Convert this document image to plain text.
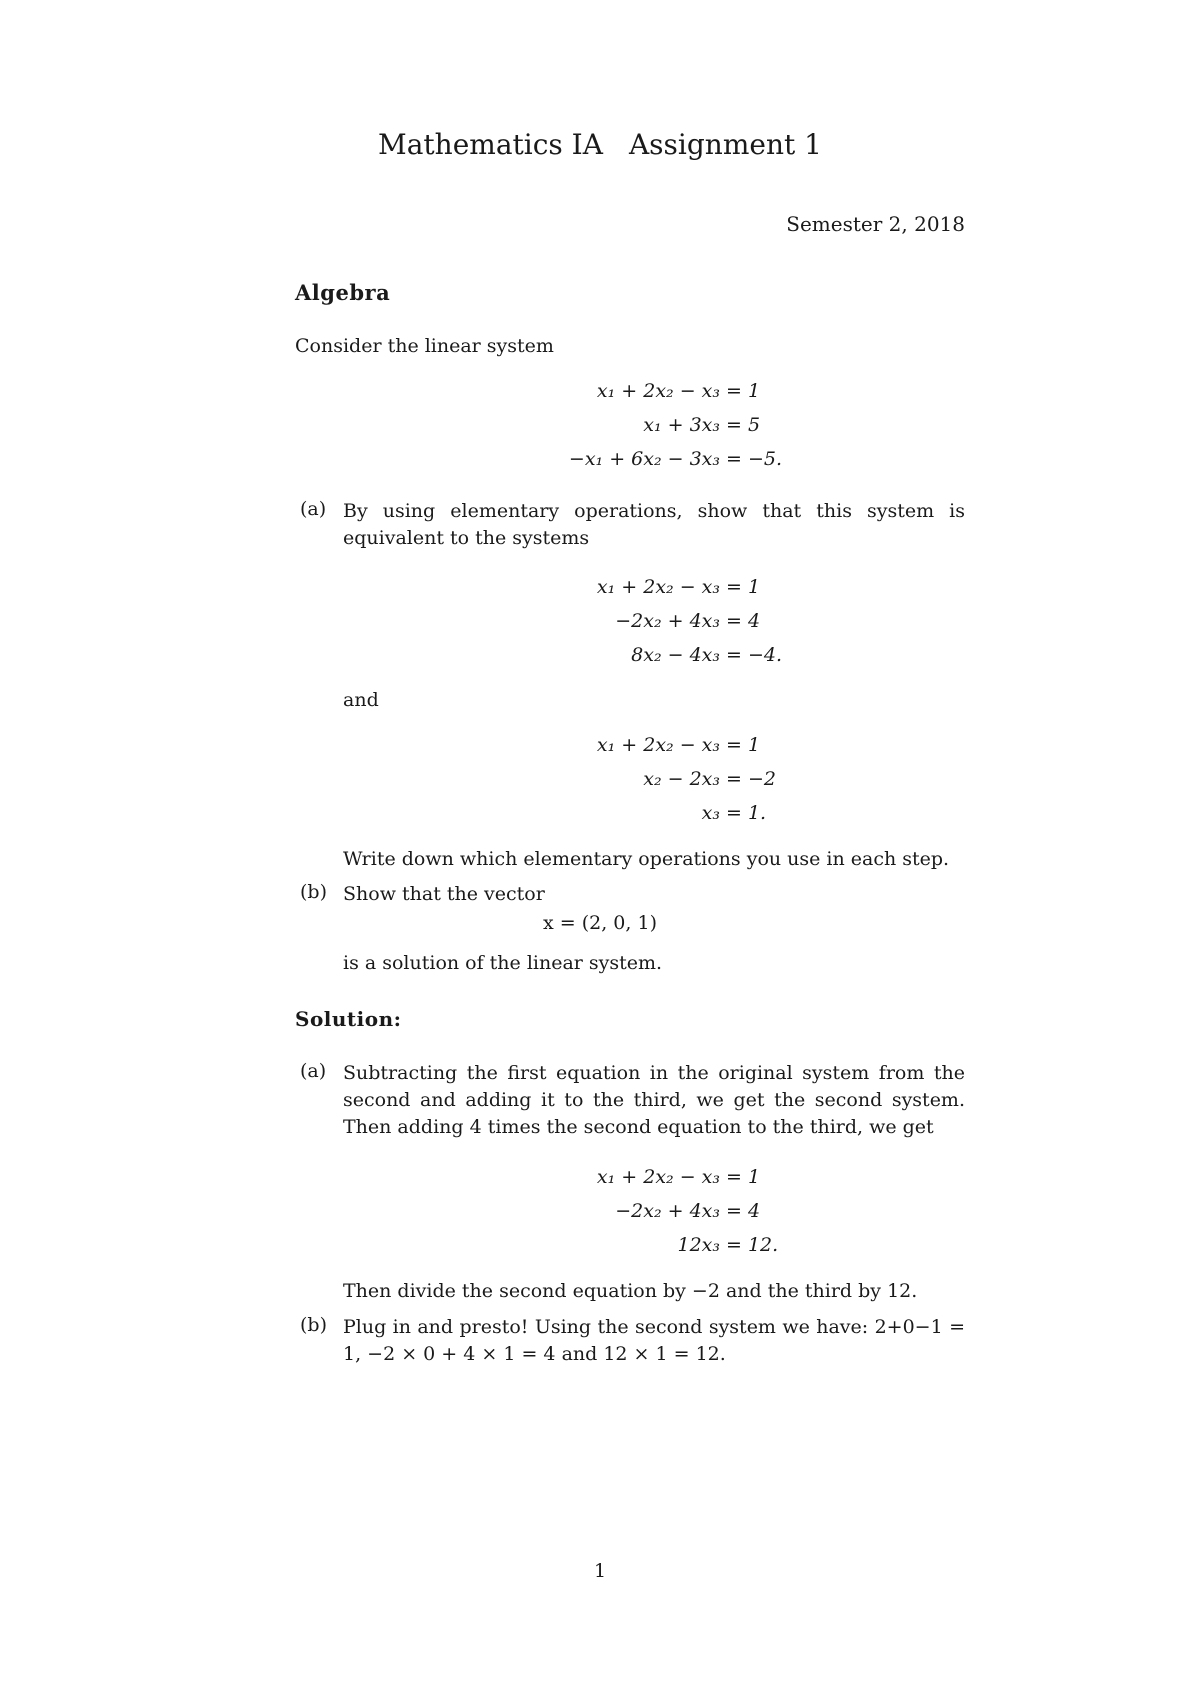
Mathematics IA Assignment 1
Semester 2, 2018
Algebra
Consider the linear system
x₁ + 2x₂ − x₃ = 1
x₁ + 3x₃ = 5
−x₁ + 6x₂ − 3x₃ = −5.
(a) By using elementary operations, show that this system is equivalent to the systems
x₁ + 2x₂ − x₃ = 1
−2x₂ + 4x₃ = 4
8x₂ − 4x₃ = −4.
and
x₁ + 2x₂ − x₃ = 1
x₂ − 2x₃ = −2
x₃ = 1.
Write down which elementary operations you use in each step.
(b) Show that the vector
x = (2, 0, 1)
is a solution of the linear system.
Solution:
(a) Subtracting the first equation in the original system from the second and adding it to the third, we get the second system. Then adding 4 times the second equation to the third, we get
x₁ + 2x₂ − x₃ = 1
−2x₂ + 4x₃ = 4
12x₃ = 12.
Then divide the second equation by −2 and the third by 12.
(b) Plug in and presto! Using the second system we have: 2+0−1 = 1, −2 × 0 + 4 × 1 = 4 and 12 × 1 = 12.
1
